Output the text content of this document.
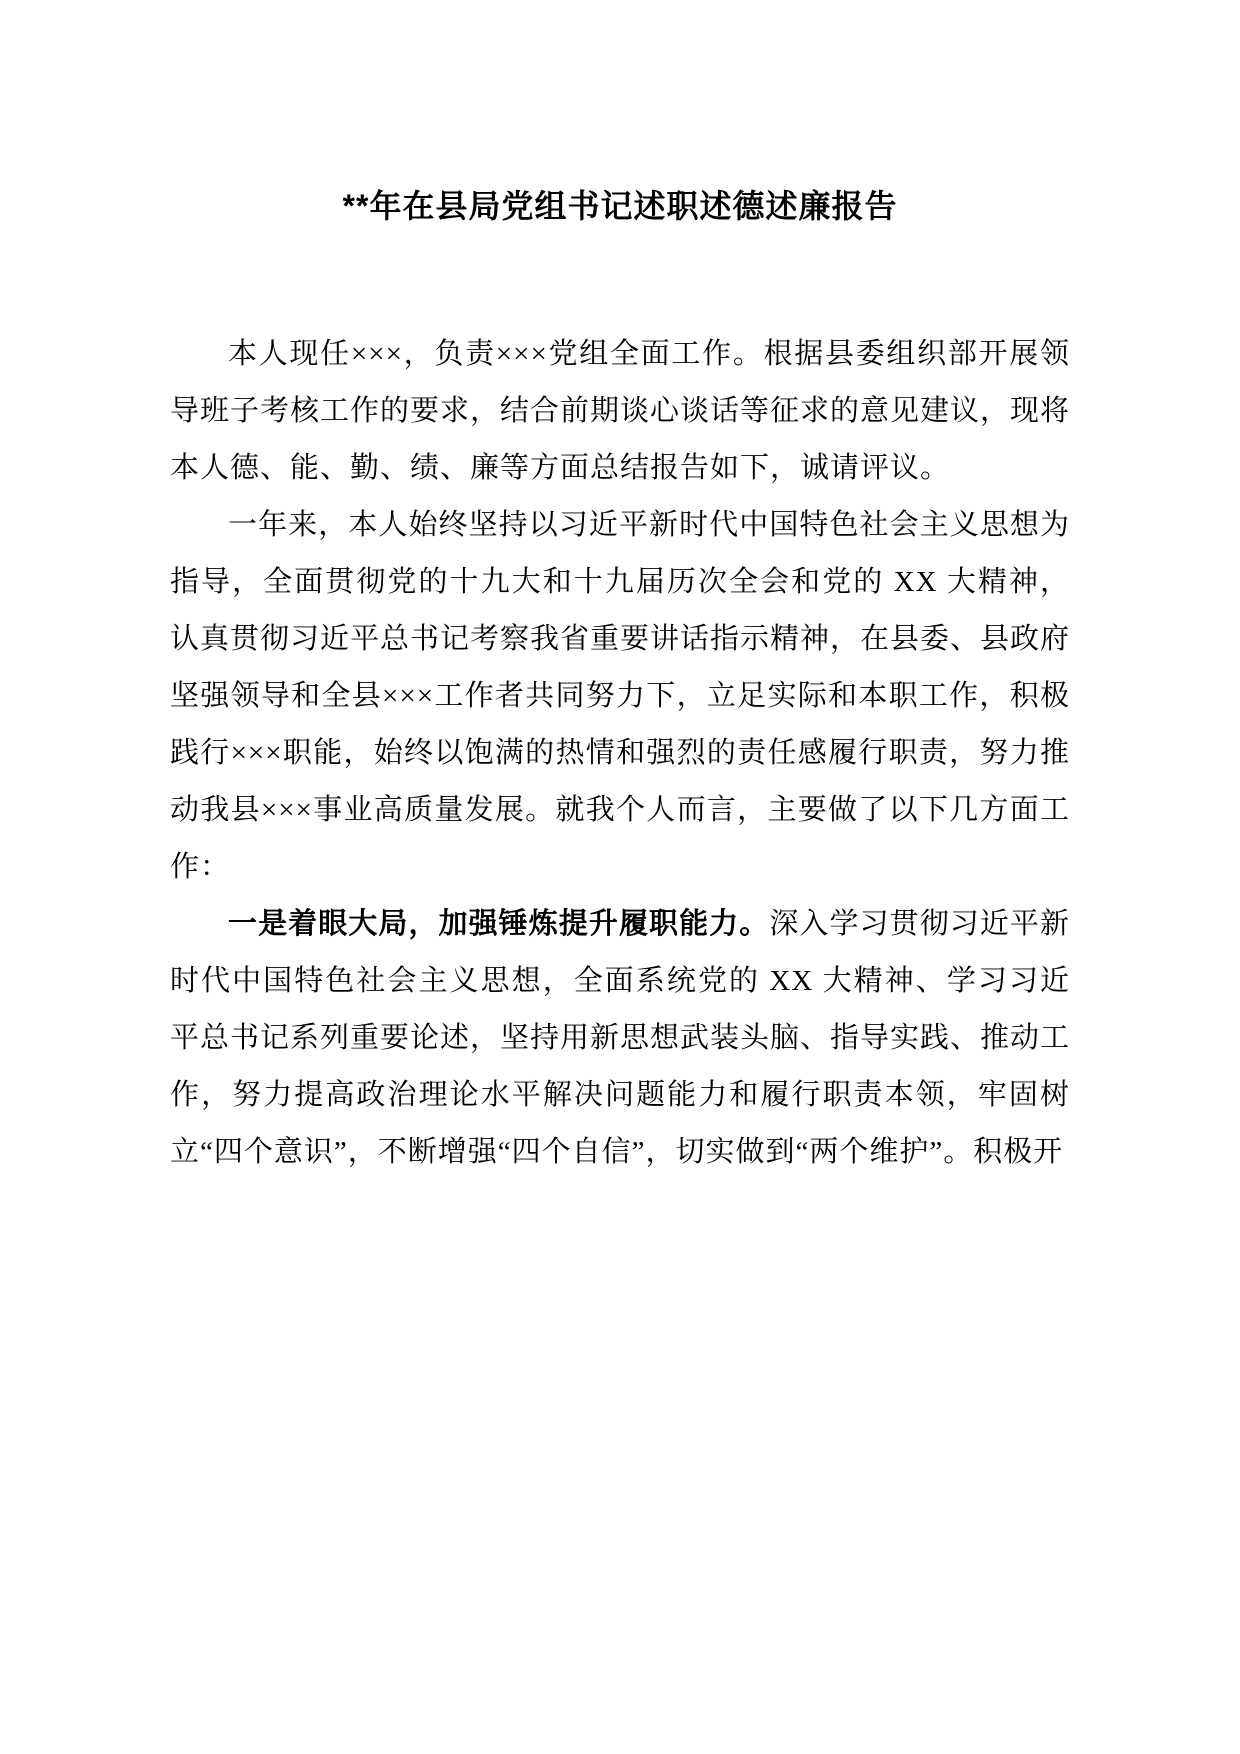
**年在县局党组书记述职述德述廉报告

本人现任×××，负责×××党组全面工作。根据县委组织部开展领导班子考核工作的要求，结合前期谈心谈话等征求的意见建议，现将本人德、能、勤、绩、廉等方面总结报告如下，诚请评议。

一年来，本人始终坚持以习近平新时代中国特色社会主义思想为指导，全面贯彻党的十九大和十九届历次全会和党的 XX 大精神，认真贯彻习近平总书记考察我省重要讲话指示精神，在县委、县政府坚强领导和全县×××工作者共同努力下，立足实际和本职工作，积极践行×××职能，始终以饱满的热情和强烈的责任感履行职责，努力推动我县×××事业高质量发展。就我个人而言，主要做了以下几方面工作：

一是着眼大局，加强锤炼提升履职能力。深入学习贯彻习近平新时代中国特色社会主义思想，全面系统党的 XX 大精神、学习习近平总书记系列重要论述，坚持用新思想武装头脑、指导实践、推动工作，努力提高政治理论水平解决问题能力和履行职责本领，牢固树立“四个意识”，不断增强“四个自信”，切实做到“两个维护”。积极开
